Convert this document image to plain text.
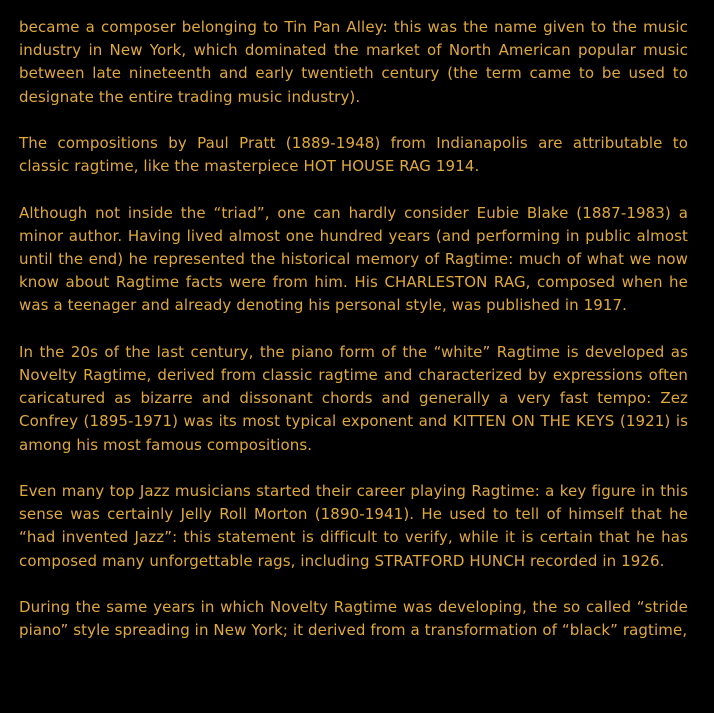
became a composer belonging to Tin Pan Alley: this was the name given to the music industry in New York, which dominated the market of North American popular music between late nineteenth and early twentieth century (the term came to be used to designate the entire trading music industry).

The compositions by Paul Pratt (1889-1948) from Indianapolis are attributable to classic ragtime, like the masterpiece HOT HOUSE RAG 1914.

Although not inside the “triad”, one can hardly consider Eubie Blake (1887-1983) a minor author. Having lived almost one hundred years (and performing in public almost until the end) he represented the historical memory of Ragtime: much of what we now know about Ragtime facts were from him. His CHARLESTON RAG, composed when he was a teenager and already denoting his personal style, was published in 1917.

In the 20s of the last century, the piano form of the “white” Ragtime is developed as Novelty Ragtime, derived from classic ragtime and characterized by expressions often caricatured as bizarre and dissonant chords and generally a very fast tempo: Zez Confrey (1895-1971) was its most typical exponent and KITTEN ON THE KEYS (1921) is among his most famous compositions.

Even many top Jazz musicians started their career playing Ragtime: a key figure in this sense was certainly Jelly Roll Morton (1890-1941). He used to tell of himself that he “had invented Jazz”: this statement is difficult to verify, while it is certain that he has composed many unforgettable rags, including STRATFORD HUNCH recorded in 1926.

During the same years in which Novelty Ragtime was developing, the so called “stride piano” style spreading in New York; it derived from a transformation of “black” ragtime,
